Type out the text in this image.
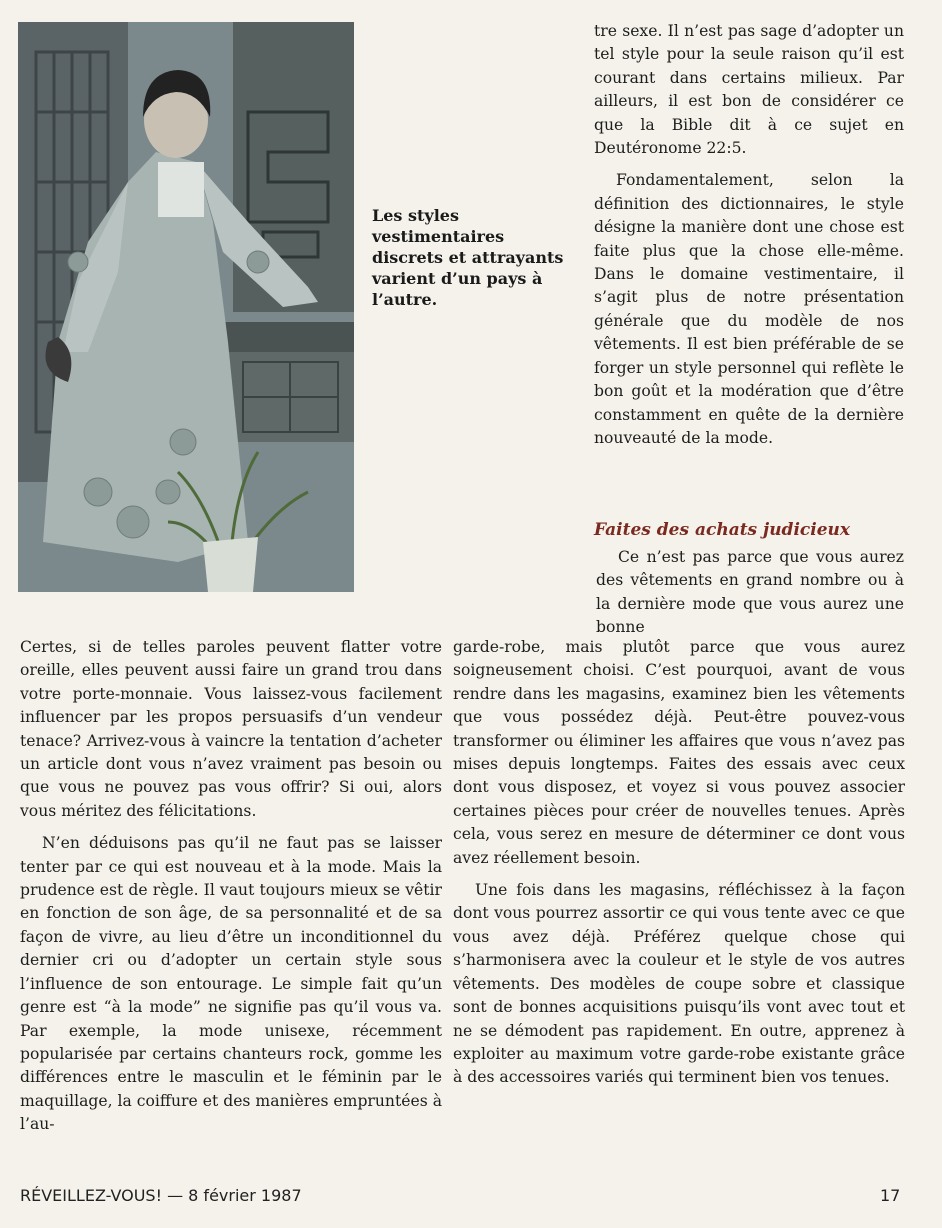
Les styles vestimentaires discrets et attrayants varient d’un pays à l’autre.

tre sexe. Il n’est pas sage d’adopter un tel style pour la seule raison qu’il est courant dans certains milieux. Par ailleurs, il est bon de considérer ce que la Bible dit à ce sujet en Deutéronome 22:5.

Fondamentalement, selon la définition des dictionnaires, le style désigne la manière dont une chose est faite plus que la chose elle-même. Dans le domaine vestimentaire, il s’agit plus de notre présentation générale que du modèle de nos vêtements. Il est bien préférable de se forger un style personnel qui reflète le bon goût et la modération que d’être constamment en quête de la dernière nouveauté de la mode.

Faites des achats judicieux
Ce n’est pas parce que vous aurez des vêtements en grand nombre ou à la dernière mode que vous aurez une bonne

Certes, si de telles paroles peuvent flatter votre oreille, elles peuvent aussi faire un grand trou dans votre porte-monnaie. Vous laissez-vous facilement influencer par les propos persuasifs d’un vendeur tenace? Arrivez-vous à vaincre la tentation d’acheter un article dont vous n’avez vraiment pas besoin ou que vous ne pouvez pas vous offrir? Si oui, alors vous méritez des félicitations.

N’en déduisons pas qu’il ne faut pas se laisser tenter par ce qui est nouveau et à la mode. Mais la prudence est de règle. Il vaut toujours mieux se vêtir en fonction de son âge, de sa personnalité et de sa façon de vivre, au lieu d’être un inconditionnel du dernier cri ou d’adopter un certain style sous l’influence de son entourage. Le simple fait qu’un genre est “à la mode” ne signifie pas qu’il vous va. Par exemple, la mode unisexe, récemment popularisée par certains chanteurs rock, gomme les différences entre le masculin et le féminin par le maquillage, la coiffure et des manières empruntées à l’au-

garde-robe, mais plutôt parce que vous aurez soigneusement choisi. C’est pourquoi, avant de vous rendre dans les magasins, examinez bien les vêtements que vous possédez déjà. Peut-être pouvez-vous transformer ou éliminer les affaires que vous n’avez pas mises depuis longtemps. Faites des essais avec ceux dont vous disposez, et voyez si vous pouvez associer certaines pièces pour créer de nouvelles tenues. Après cela, vous serez en mesure de déterminer ce dont vous avez réellement besoin.

Une fois dans les magasins, réfléchissez à la façon dont vous pourrez assortir ce qui vous tente avec ce que vous avez déjà. Préférez quelque chose qui s’harmonisera avec la couleur et le style de vos autres vêtements. Des modèles de coupe sobre et classique sont de bonnes acquisitions puisqu’ils vont avec tout et ne se démodent pas rapidement. En outre, apprenez à exploiter au maximum votre garde-robe existante grâce à des accessoires variés qui terminent bien vos tenues.

RÉVEILLEZ-VOUS! — 8 février 1987	17
